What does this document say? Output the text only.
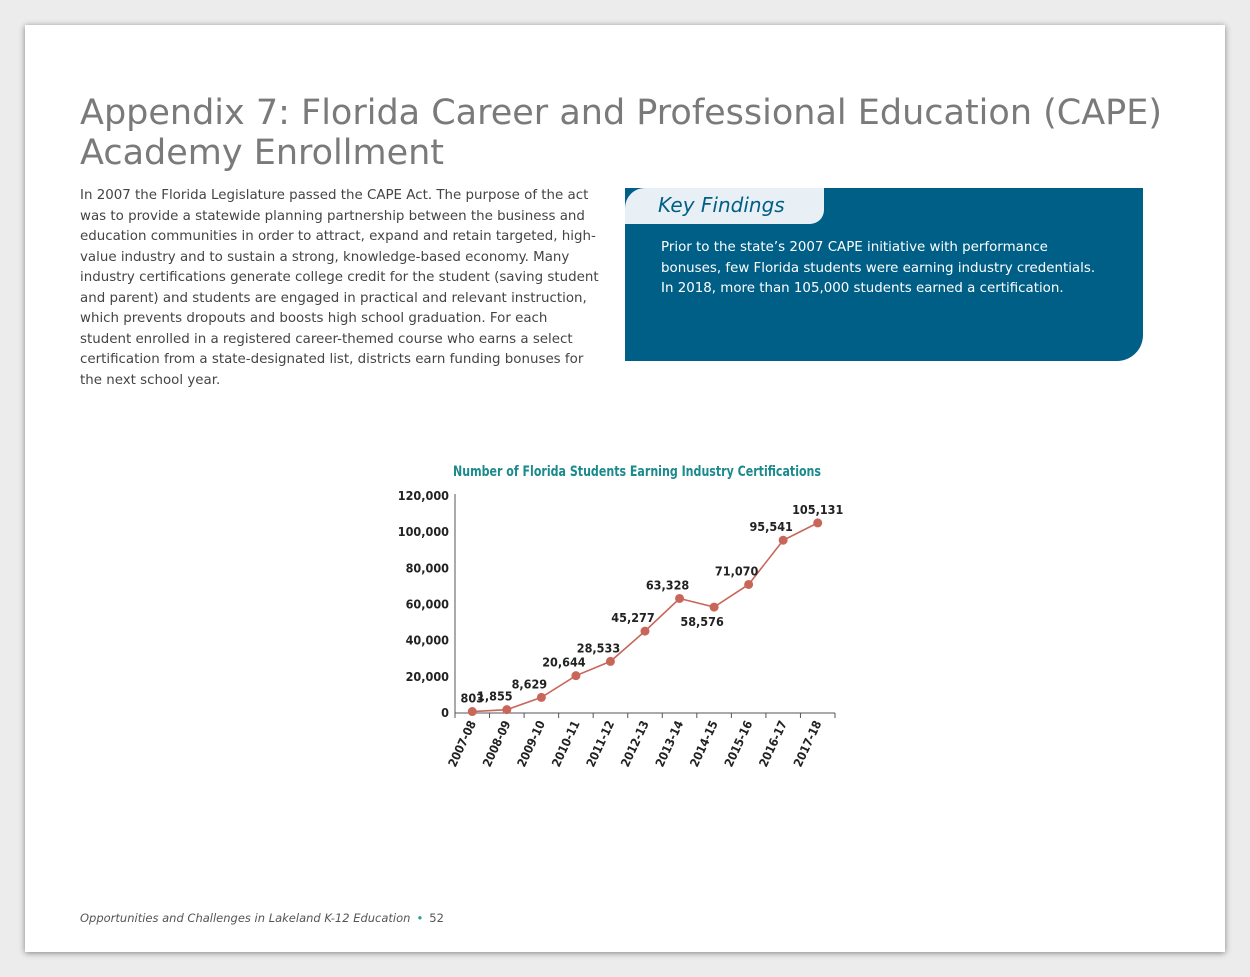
Appendix 7: Florida Career and Professional Education (CAPE) Academy Enrollment

In 2007 the Florida Legislature passed the CAPE Act. The purpose of the act was to provide a statewide planning partnership between the business and education communities in order to attract, expand and retain targeted, high-value industry and to sustain a strong, knowledge-based economy. Many industry certifications generate college credit for the student (saving student and parent) and students are engaged in practical and relevant instruction, which prevents dropouts and boosts high school graduation. For each student enrolled in a registered career-themed course who earns a select certification from a state-designated list, districts earn funding bonuses for the next school year.

Key Findings

Prior to the state’s 2007 CAPE initiative with performance bonuses, few Florida students were earning industry credentials. In 2018, more than 105,000 students earned a certification.

Number of Florida Students Earning Industry Certifications
0
20,000
40,000
60,000
80,000
100,000
120,000
2007-08 2008-09 2009-10 2010-11 2011-12 2012-13 2013-14 2014-15 2015-16 2016-17 2017-18
803
1,855
8,629
20,644
28,533
45,277
63,328
58,576
71,070
95,541
105,131
Opportunities and Challenges in Lakeland K-12 Education • 52
